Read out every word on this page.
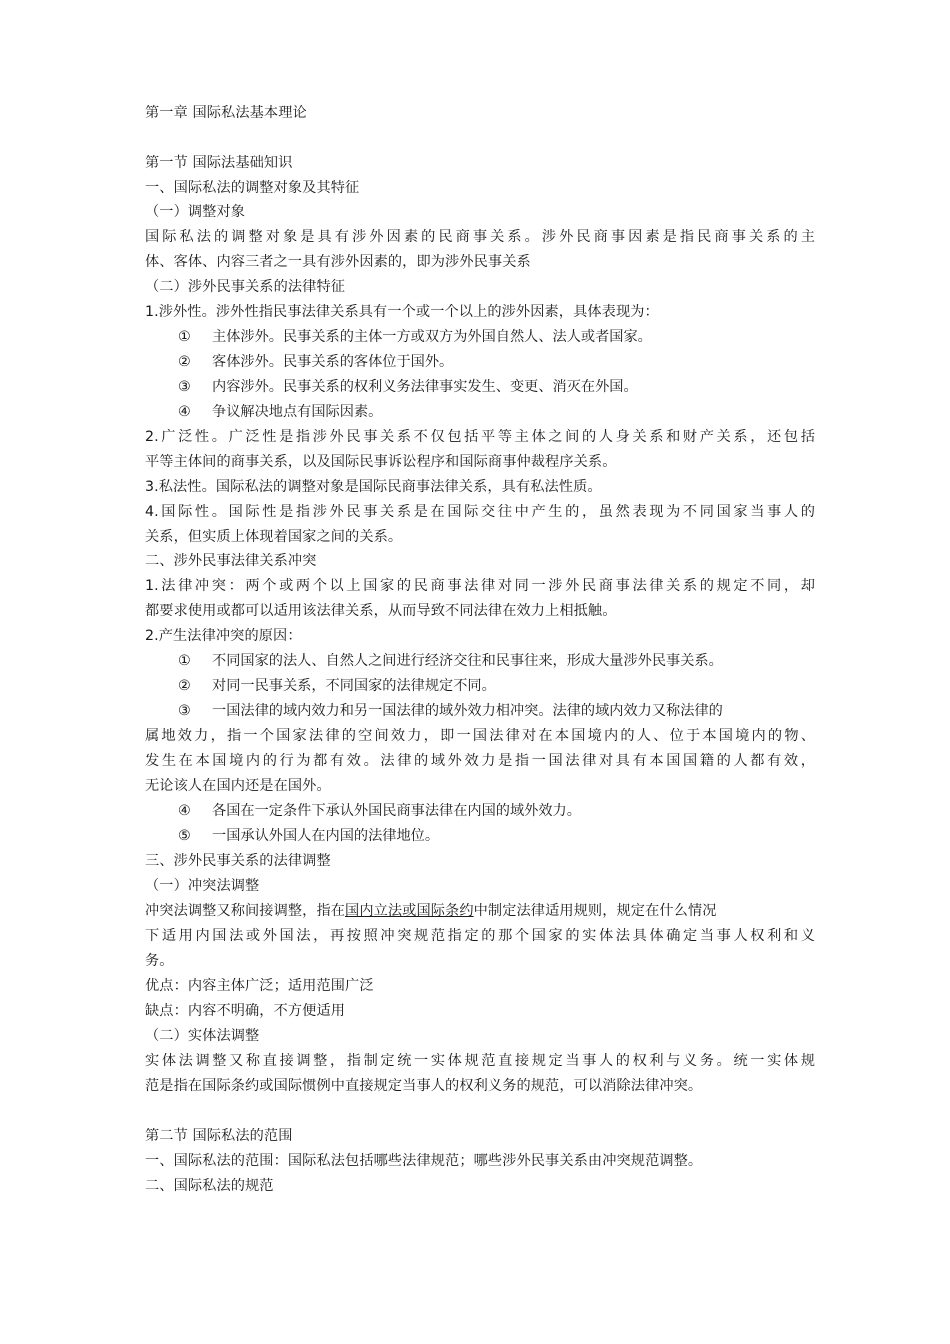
第一章 国际私法基本理论
第一节 国际法基础知识
一、国际私法的调整对象及其特征
（一）调整对象
国际私法的调整对象是具有涉外因素的民商事关系。涉外民商事因素是指民商事关系的主
体、客体、内容三者之一具有涉外因素的，即为涉外民事关系
（二）涉外民事关系的法律特征
1.涉外性。涉外性指民事法律关系具有一个或一个以上的涉外因素，具体表现为：
① 主体涉外。民事关系的主体一方或双方为外国自然人、法人或者国家。
② 客体涉外。民事关系的客体位于国外。
③ 内容涉外。民事关系的权利义务法律事实发生、变更、消灭在外国。
④ 争议解决地点有国际因素。
2.广泛性。广泛性是指涉外民事关系不仅包括平等主体之间的人身关系和财产关系，还包括
平等主体间的商事关系，以及国际民事诉讼程序和国际商事仲裁程序关系。
3.私法性。国际私法的调整对象是国际民商事法律关系，具有私法性质。
4.国际性。国际性是指涉外民事关系是在国际交往中产生的，虽然表现为不同国家当事人的
关系，但实质上体现着国家之间的关系。
二、涉外民事法律关系冲突
1.法律冲突：两个或两个以上国家的民商事法律对同一涉外民商事法律关系的规定不同，却
都要求使用或都可以适用该法律关系，从而导致不同法律在效力上相抵触。
2.产生法律冲突的原因：
① 不同国家的法人、自然人之间进行经济交往和民事往来，形成大量涉外民事关系。
② 对同一民事关系，不同国家的法律规定不同。
③ 一国法律的域内效力和另一国法律的域外效力相冲突。法律的域内效力又称法律的
属地效力，指一个国家法律的空间效力，即一国法律对在本国境内的人、位于本国境内的物、
发生在本国境内的行为都有效。法律的域外效力是指一国法律对具有本国国籍的人都有效，
无论该人在国内还是在国外。
④ 各国在一定条件下承认外国民商事法律在内国的域外效力。
⑤ 一国承认外国人在内国的法律地位。
三、涉外民事关系的法律调整
（一）冲突法调整
冲突法调整又称间接调整，指在国内立法或国际条约中制定法律适用规则，规定在什么情况
下适用内国法或外国法，再按照冲突规范指定的那个国家的实体法具体确定当事人权利和义
务。
优点：内容主体广泛；适用范围广泛
缺点：内容不明确，不方便适用
（二）实体法调整
实体法调整又称直接调整，指制定统一实体规范直接规定当事人的权利与义务。统一实体规
范是指在国际条约或国际惯例中直接规定当事人的权利义务的规范，可以消除法律冲突。
第二节 国际私法的范围
一、国际私法的范围：国际私法包括哪些法律规范；哪些涉外民事关系由冲突规范调整。
二、国际私法的规范
